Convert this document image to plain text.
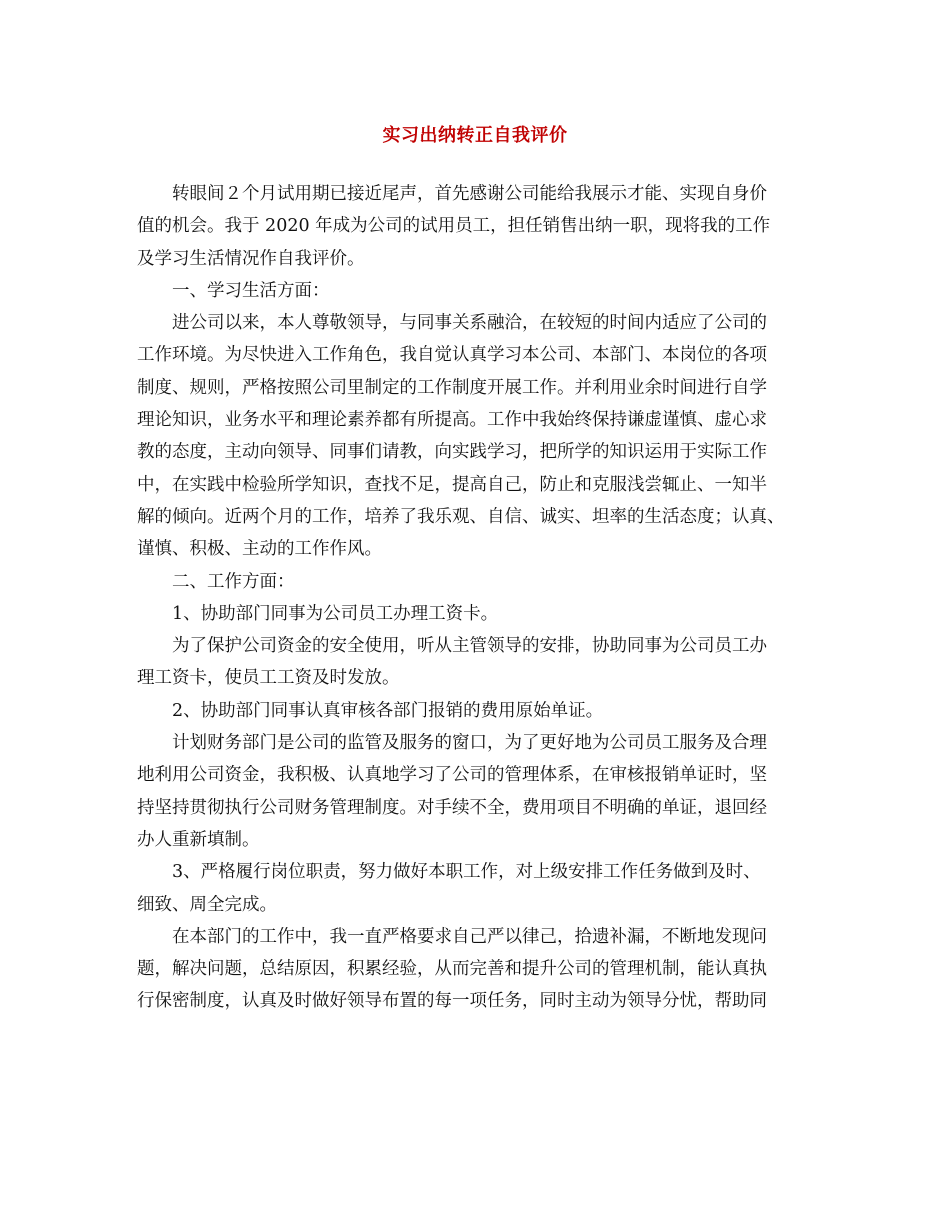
实习出纳转正自我评价
转眼间２个月试用期已接近尾声，首先感谢公司能给我展示才能、实现自身价
值的机会。我于 2020 年成为公司的试用员工，担任销售出纳一职，现将我的工作
及学习生活情况作自我评价。
一、学习生活方面：
进公司以来，本人尊敬领导，与同事关系融洽，在较短的时间内适应了公司的
工作环境。为尽快进入工作角色，我自觉认真学习本公司、本部门、本岗位的各项
制度、规则，严格按照公司里制定的工作制度开展工作。并利用业余时间进行自学
理论知识，业务水平和理论素养都有所提高。工作中我始终保持谦虚谨慎、虚心求
教的态度，主动向领导、同事们请教，向实践学习，把所学的知识运用于实际工作
中，在实践中检验所学知识，查找不足，提高自己，防止和克服浅尝辄止、一知半
解的倾向。近两个月的工作，培养了我乐观、自信、诚实、坦率的生活态度；认真、
谨慎、积极、主动的工作作风。
二、工作方面：
1、协助部门同事为公司员工办理工资卡。
为了保护公司资金的安全使用，听从主管领导的安排，协助同事为公司员工办
理工资卡，使员工工资及时发放。
2、协助部门同事认真审核各部门报销的费用原始单证。
计划财务部门是公司的监管及服务的窗口，为了更好地为公司员工服务及合理
地利用公司资金，我积极、认真地学习了公司的管理体系，在审核报销单证时，坚
持坚持贯彻执行公司财务管理制度。对手续不全，费用项目不明确的单证，退回经
办人重新填制。
3、严格履行岗位职责，努力做好本职工作，对上级安排工作任务做到及时、
细致、周全完成。
在本部门的工作中，我一直严格要求自己严以律己，拾遗补漏，不断地发现问
题，解决问题，总结原因，积累经验，从而完善和提升公司的管理机制，能认真执
行保密制度，认真及时做好领导布置的每一项任务，同时主动为领导分忧，帮助同
